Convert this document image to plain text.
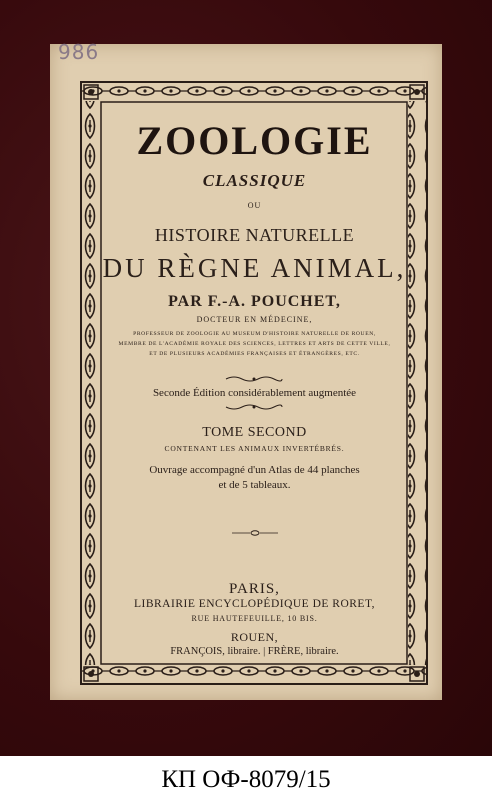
986
ZOOLOGIE
CLASSIQUE
OU
HISTOIRE NATURELLE
DU RÈGNE ANIMAL,
PAR F.-A. POUCHET,
DOCTEUR EN MÉDECINE,
PROFESSEUR DE ZOOLOGIE AU MUSEUM D'HISTOIRE NATURELLE DE ROUEN,
MEMBRE DE L'ACADÉMIE ROYALE DES SCIENCES, LETTRES ET ARTS DE CETTE VILLE,
ET DE PLUSIEURS ACADÉMIES FRANÇAISES ET ÉTRANGÈRES, ETC.
Seconde Édition considérablement augmentée
TOME SECOND
CONTENANT LES ANIMAUX INVERTÉBRÉS.
Ouvrage accompagné d'un Atlas de 44 planches
et de 5 tableaux.
PARIS,
LIBRAIRIE ENCYCLOPÉDIQUE DE RORET,
RUE HAUTEFEUILLE, 10 BIS.
ROUEN,
FRANÇOIS, libraire. | FRÈRE, libraire.
КП ОФ-8079/15
